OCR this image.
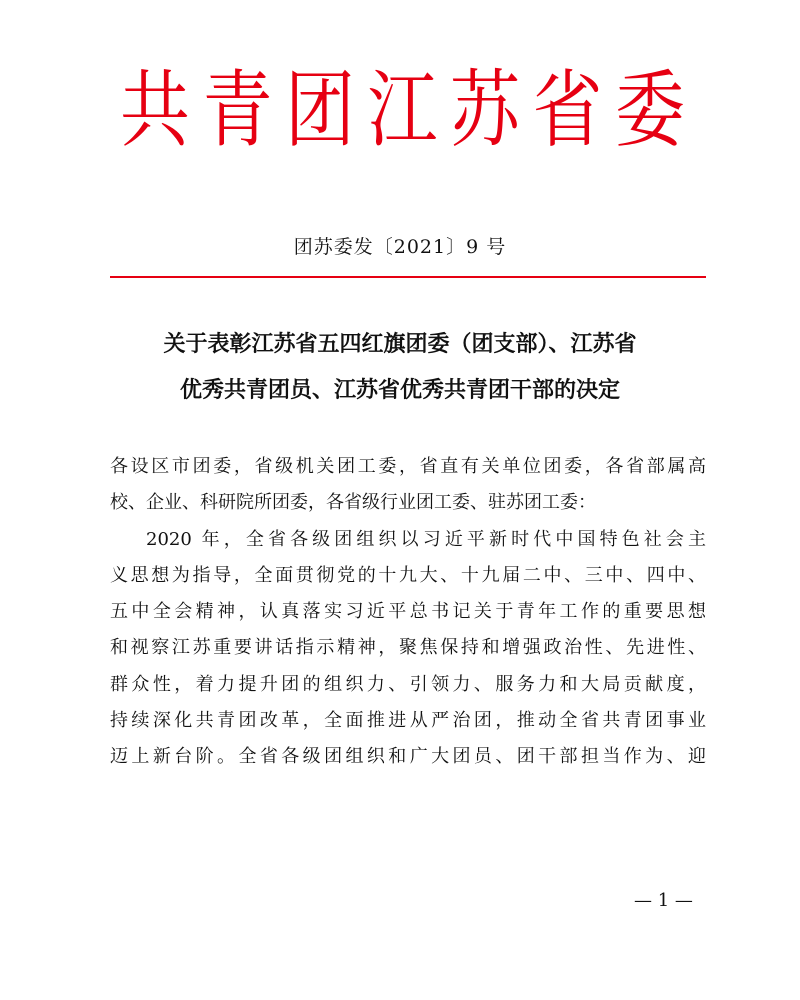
共 青 团 江 苏 省 委
团苏委发〔2021〕9 号
关于表彰江苏省五四红旗团委（团支部）、江苏省
优秀共青团员、江苏省优秀共青团干部的决定

各设区市团委，省级机关团工委，省直有关单位团委，各省部属高

校、企业、科研院所团委，各省级行业团工委、驻苏团工委：

2020 年，全省各级团组织以习近平新时代中国特色社会主

义思想为指导，全面贯彻党的十九大、十九届二中、三中、四中、

五中全会精神，认真落实习近平总书记关于青年工作的重要思想

和视察江苏重要讲话指示精神，聚焦保持和增强政治性、先进性、

群众性，着力提升团的组织力、引领力、服务力和大局贡献度，

持续深化共青团改革，全面推进从严治团，推动全省共青团事业

迈上新台阶。全省各级团组织和广大团员、团干部担当作为、迎

— 1 —
